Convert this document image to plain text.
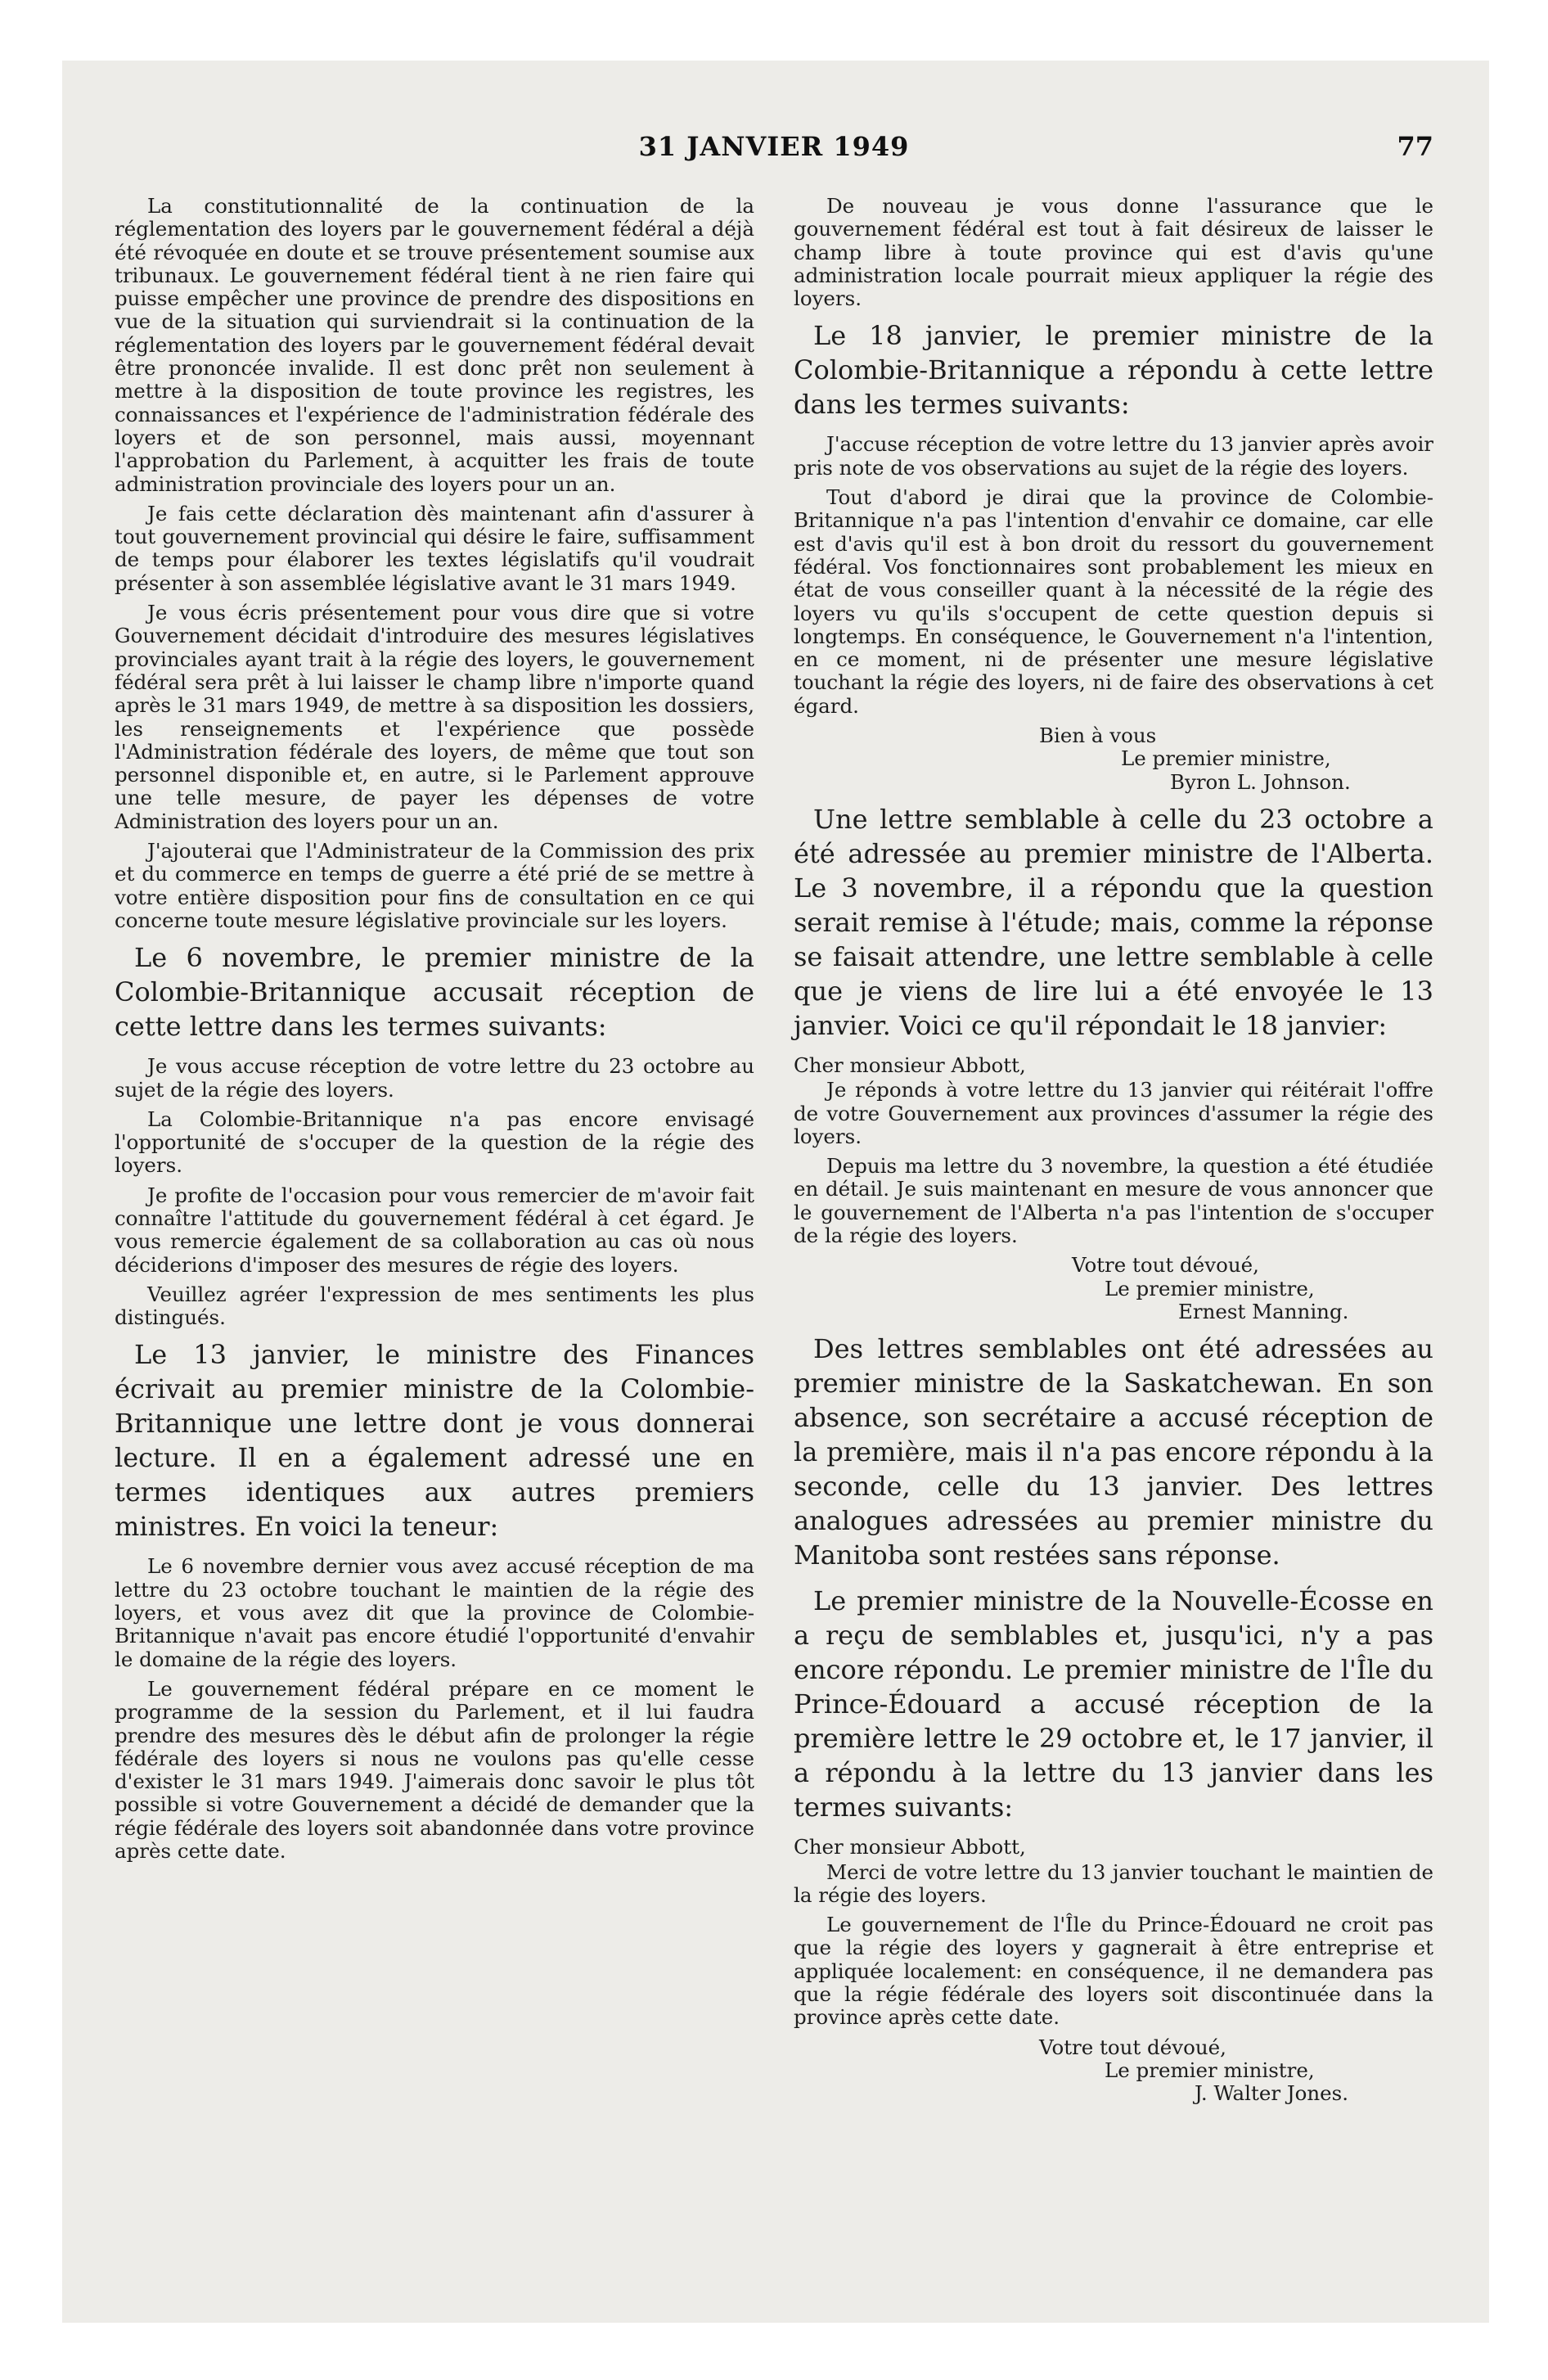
31 JANVIER 1949	77

La constitutionnalité de la continuation de la réglementation des loyers par le gouvernement fédéral a déjà été révoquée en doute et se trouve présentement soumise aux tribunaux. Le gouvernement fédéral tient à ne rien faire qui puisse empêcher une province de prendre des dispositions en vue de la situation qui surviendrait si la continuation de la réglementation des loyers par le gouvernement fédéral devait être prononcée invalide. Il est donc prêt non seulement à mettre à la disposition de toute province les registres, les connaissances et l'expérience de l'administration fédérale des loyers et de son personnel, mais aussi, moyennant l'approbation du Parlement, à acquitter les frais de toute administration provinciale des loyers pour un an.

Je fais cette déclaration dès maintenant afin d'assurer à tout gouvernement provincial qui désire le faire, suffisamment de temps pour élaborer les textes législatifs qu'il voudrait présenter à son assemblée législative avant le 31 mars 1949.

Je vous écris présentement pour vous dire que si votre Gouvernement décidait d'introduire des mesures législatives provinciales ayant trait à la régie des loyers, le gouvernement fédéral sera prêt à lui laisser le champ libre n'importe quand après le 31 mars 1949, de mettre à sa disposition les dossiers, les renseignements et l'expérience que possède l'Administration fédérale des loyers, de même que tout son personnel disponible et, en autre, si le Parlement approuve une telle mesure, de payer les dépenses de votre Administration des loyers pour un an.

J'ajouterai que l'Administrateur de la Commission des prix et du commerce en temps de guerre a été prié de se mettre à votre entière disposition pour fins de consultation en ce qui concerne toute mesure législative provinciale sur les loyers.

Le 6 novembre, le premier ministre de la Colombie-Britannique accusait réception de cette lettre dans les termes suivants:

Je vous accuse réception de votre lettre du 23 octobre au sujet de la régie des loyers.

La Colombie-Britannique n'a pas encore envisagé l'opportunité de s'occuper de la question de la régie des loyers.

Je profite de l'occasion pour vous remercier de m'avoir fait connaître l'attitude du gouvernement fédéral à cet égard. Je vous remercie également de sa collaboration au cas où nous déciderions d'imposer des mesures de régie des loyers.

Veuillez agréer l'expression de mes sentiments les plus distingués.

Le 13 janvier, le ministre des Finances écrivait au premier ministre de la Colombie-Britannique une lettre dont je vous donnerai lecture. Il en a également adressé une en termes identiques aux autres premiers ministres. En voici la teneur:

Le 6 novembre dernier vous avez accusé réception de ma lettre du 23 octobre touchant le maintien de la régie des loyers, et vous avez dit que la province de Colombie-Britannique n'avait pas encore étudié l'opportunité d'envahir le domaine de la régie des loyers.

Le gouvernement fédéral prépare en ce moment le programme de la session du Parlement, et il lui faudra prendre des mesures dès le début afin de prolonger la régie fédérale des loyers si nous ne voulons pas qu'elle cesse d'exister le 31 mars 1949. J'aimerais donc savoir le plus tôt possible si votre Gouvernement a décidé de demander que la régie fédérale des loyers soit abandonnée dans votre province après cette date.

De nouveau je vous donne l'assurance que le gouvernement fédéral est tout à fait désireux de laisser le champ libre à toute province qui est d'avis qu'une administration locale pourrait mieux appliquer la régie des loyers.

Le 18 janvier, le premier ministre de la Colombie-Britannique a répondu à cette lettre dans les termes suivants:

J'accuse réception de votre lettre du 13 janvier après avoir pris note de vos observations au sujet de la régie des loyers.

Tout d'abord je dirai que la province de Colombie-Britannique n'a pas l'intention d'envahir ce domaine, car elle est d'avis qu'il est à bon droit du ressort du gouvernement fédéral. Vos fonctionnaires sont probablement les mieux en état de vous conseiller quant à la nécessité de la régie des loyers vu qu'ils s'occupent de cette question depuis si longtemps. En conséquence, le Gouvernement n'a l'intention, en ce moment, ni de présenter une mesure législative touchant la régie des loyers, ni de faire des observations à cet égard.

Bien à vous
Le premier ministre,
Byron L. Johnson.

Une lettre semblable à celle du 23 octobre a été adressée au premier ministre de l'Alberta. Le 3 novembre, il a répondu que la question serait remise à l'étude; mais, comme la réponse se faisait attendre, une lettre semblable à celle que je viens de lire lui a été envoyée le 13 janvier. Voici ce qu'il répondait le 18 janvier:

Cher monsieur Abbott,

Je réponds à votre lettre du 13 janvier qui réitérait l'offre de votre Gouvernement aux provinces d'assumer la régie des loyers.

Depuis ma lettre du 3 novembre, la question a été étudiée en détail. Je suis maintenant en mesure de vous annoncer que le gouvernement de l'Alberta n'a pas l'intention de s'occuper de la régie des loyers.

Votre tout dévoué,
Le premier ministre,
Ernest Manning.

Des lettres semblables ont été adressées au premier ministre de la Saskatchewan. En son absence, son secrétaire a accusé réception de la première, mais il n'a pas encore répondu à la seconde, celle du 13 janvier. Des lettres analogues adressées au premier ministre du Manitoba sont restées sans réponse.

Le premier ministre de la Nouvelle-Écosse en a reçu de semblables et, jusqu'ici, n'y a pas encore répondu. Le premier ministre de l'Île du Prince-Édouard a accusé réception de la première lettre le 29 octobre et, le 17 janvier, il a répondu à la lettre du 13 janvier dans les termes suivants:

Cher monsieur Abbott,

Merci de votre lettre du 13 janvier touchant le maintien de la régie des loyers.

Le gouvernement de l'Île du Prince-Édouard ne croit pas que la régie des loyers y gagnerait à être entreprise et appliquée localement: en conséquence, il ne demandera pas que la régie fédérale des loyers soit discontinuée dans la province après cette date.

Votre tout dévoué,
Le premier ministre,
J. Walter Jones.
